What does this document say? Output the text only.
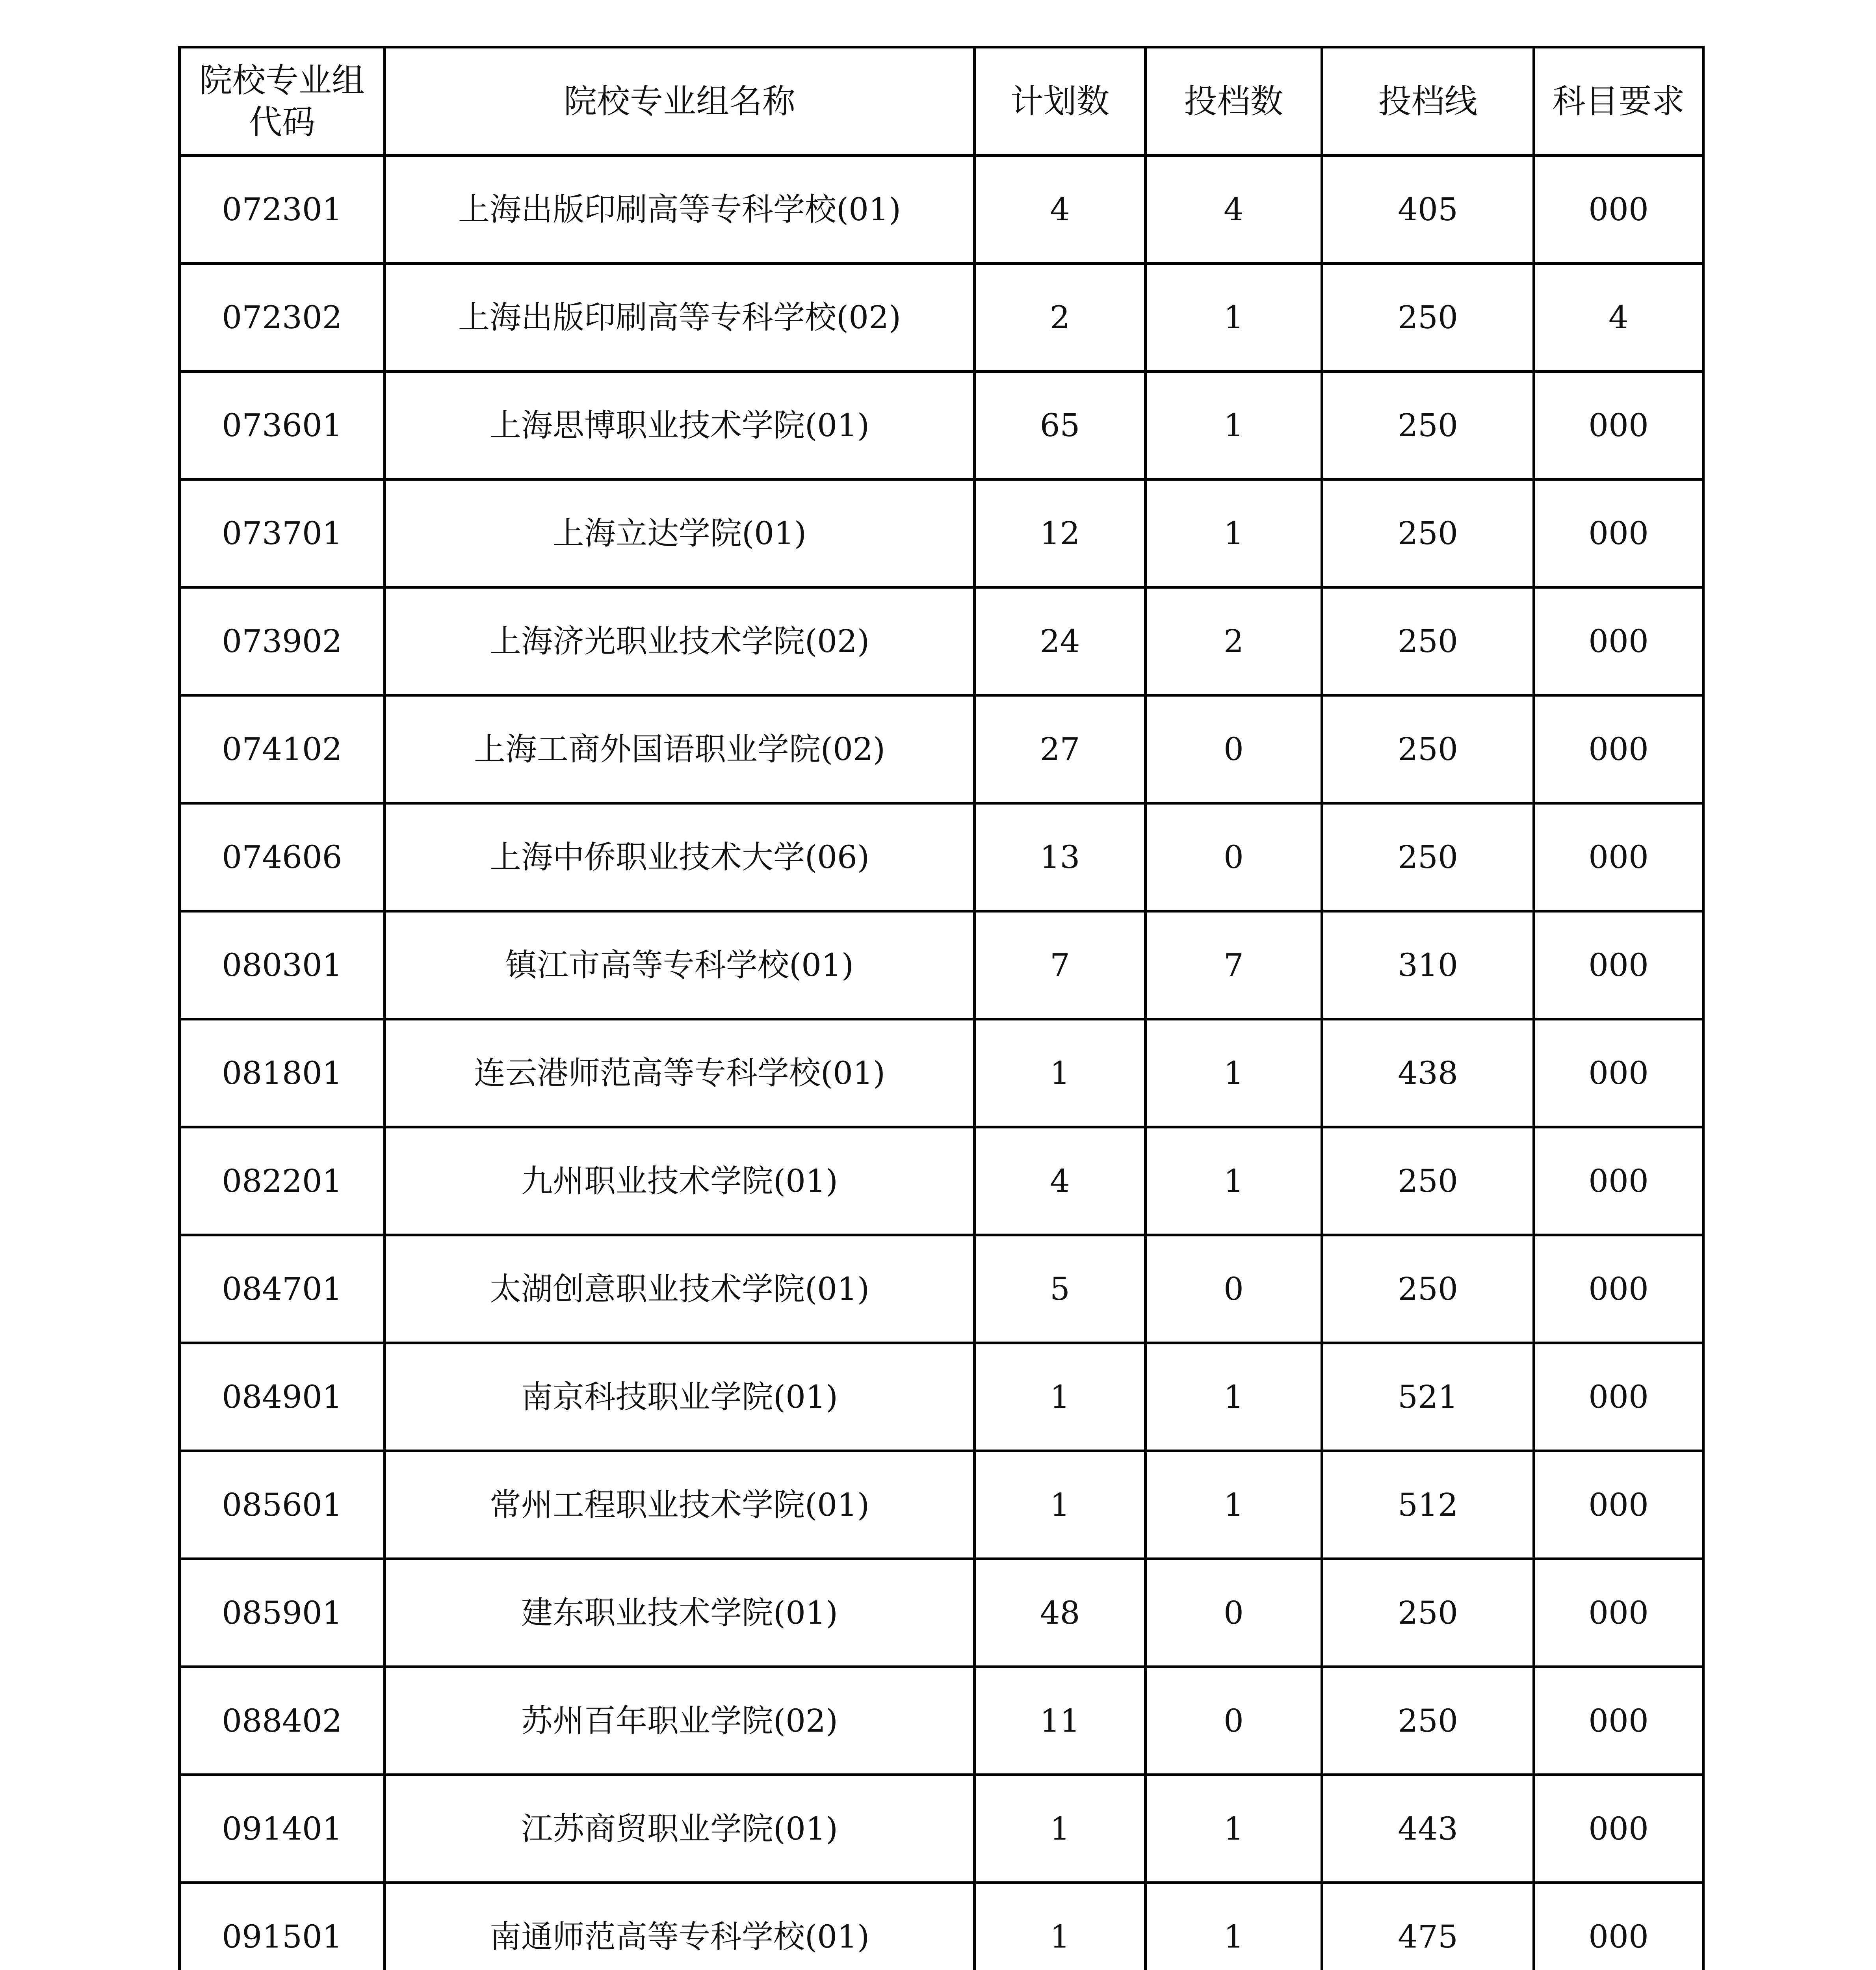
院校专业组代码	院校专业组名称	计划数	投档数	投档线	科目要求
072301	上海出版印刷高等专科学校(01)	4	4	405	000
072302	上海出版印刷高等专科学校(02)	2	1	250	4
073601	上海思博职业技术学院(01)	65	1	250	000
073701	上海立达学院(01)	12	1	250	000
073902	上海济光职业技术学院(02)	24	2	250	000
074102	上海工商外国语职业学院(02)	27	0	250	000
074606	上海中侨职业技术大学(06)	13	0	250	000
080301	镇江市高等专科学校(01)	7	7	310	000
081801	连云港师范高等专科学校(01)	1	1	438	000
082201	九州职业技术学院(01)	4	1	250	000
084701	太湖创意职业技术学院(01)	5	0	250	000
084901	南京科技职业学院(01)	1	1	521	000
085601	常州工程职业技术学院(01)	1	1	512	000
085901	建东职业技术学院(01)	48	0	250	000
088402	苏州百年职业学院(02)	11	0	250	000
091401	江苏商贸职业学院(01)	1	1	443	000
091501	南通师范高等专科学校(01)	1	1	475	000
